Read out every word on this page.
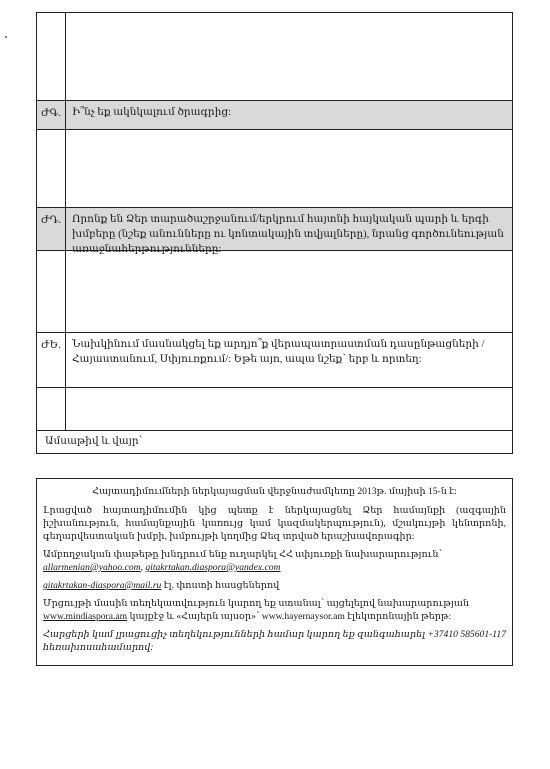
ԺԳ.	Ի՞նչ եք ակնկալում ծրագրից:
ԺԴ.	Որոնք են Ձեր տարածաշրջանում/երկրում հայտնի հայկական պարի և երգի խմբերը (նշեք անունները ու կոնտակային տվյալները), նրանց գործունեության առաջնահերթությունները:
ԺԵ.	Նախկինում մասնակցել եք արդյո՞ք վերապատրաստման դասընթացների /Հայաստանում, Սփյուռքում/: Եթե այո, ապա նշեք՝ երբ և որտեղ:
Ամսաթիվ և վայր՝

Հայտադիմումների ներկայացման վերջնաժամկետը 2013թ. մայիսի 15-ն է:

Լրացված հայտադիմումին կից պետք է ներկայացնել Ձեր համայնքի (ազգային իշխանություն, համայնքային կառույց կամ կազմակերպություն), մշակույթի կենտրոնի, գեղարվեստական խմբի, խմբույթի կողմից Ձեզ տրված երաշխավորագիր:

Ամբողջական փաթեթը խնդրում ենք ուղարկել ՀՀ սփյուռքի նախարարություն՝
allarmenian@yahoo.com, gitakrtakan.diaspora@yandex.com

gitakrtakan-diaspora@mail.ru էլ. փոստի հասցեներով

Մրցույթի մասին տեղեկատվություն կարող եք ստանալ՝ այցելելով նախարարության
www.mindiaspora.am կայքէջ և «Հայերն այսօր»՝ www.hayernaysor.am էլեկտրոնային թերթ:

Հարցերի կամ լրացուցիչ տեղեկությունների համար կարող եք զանգահարել +37410 585601-117 հեռախոսահամարով:
